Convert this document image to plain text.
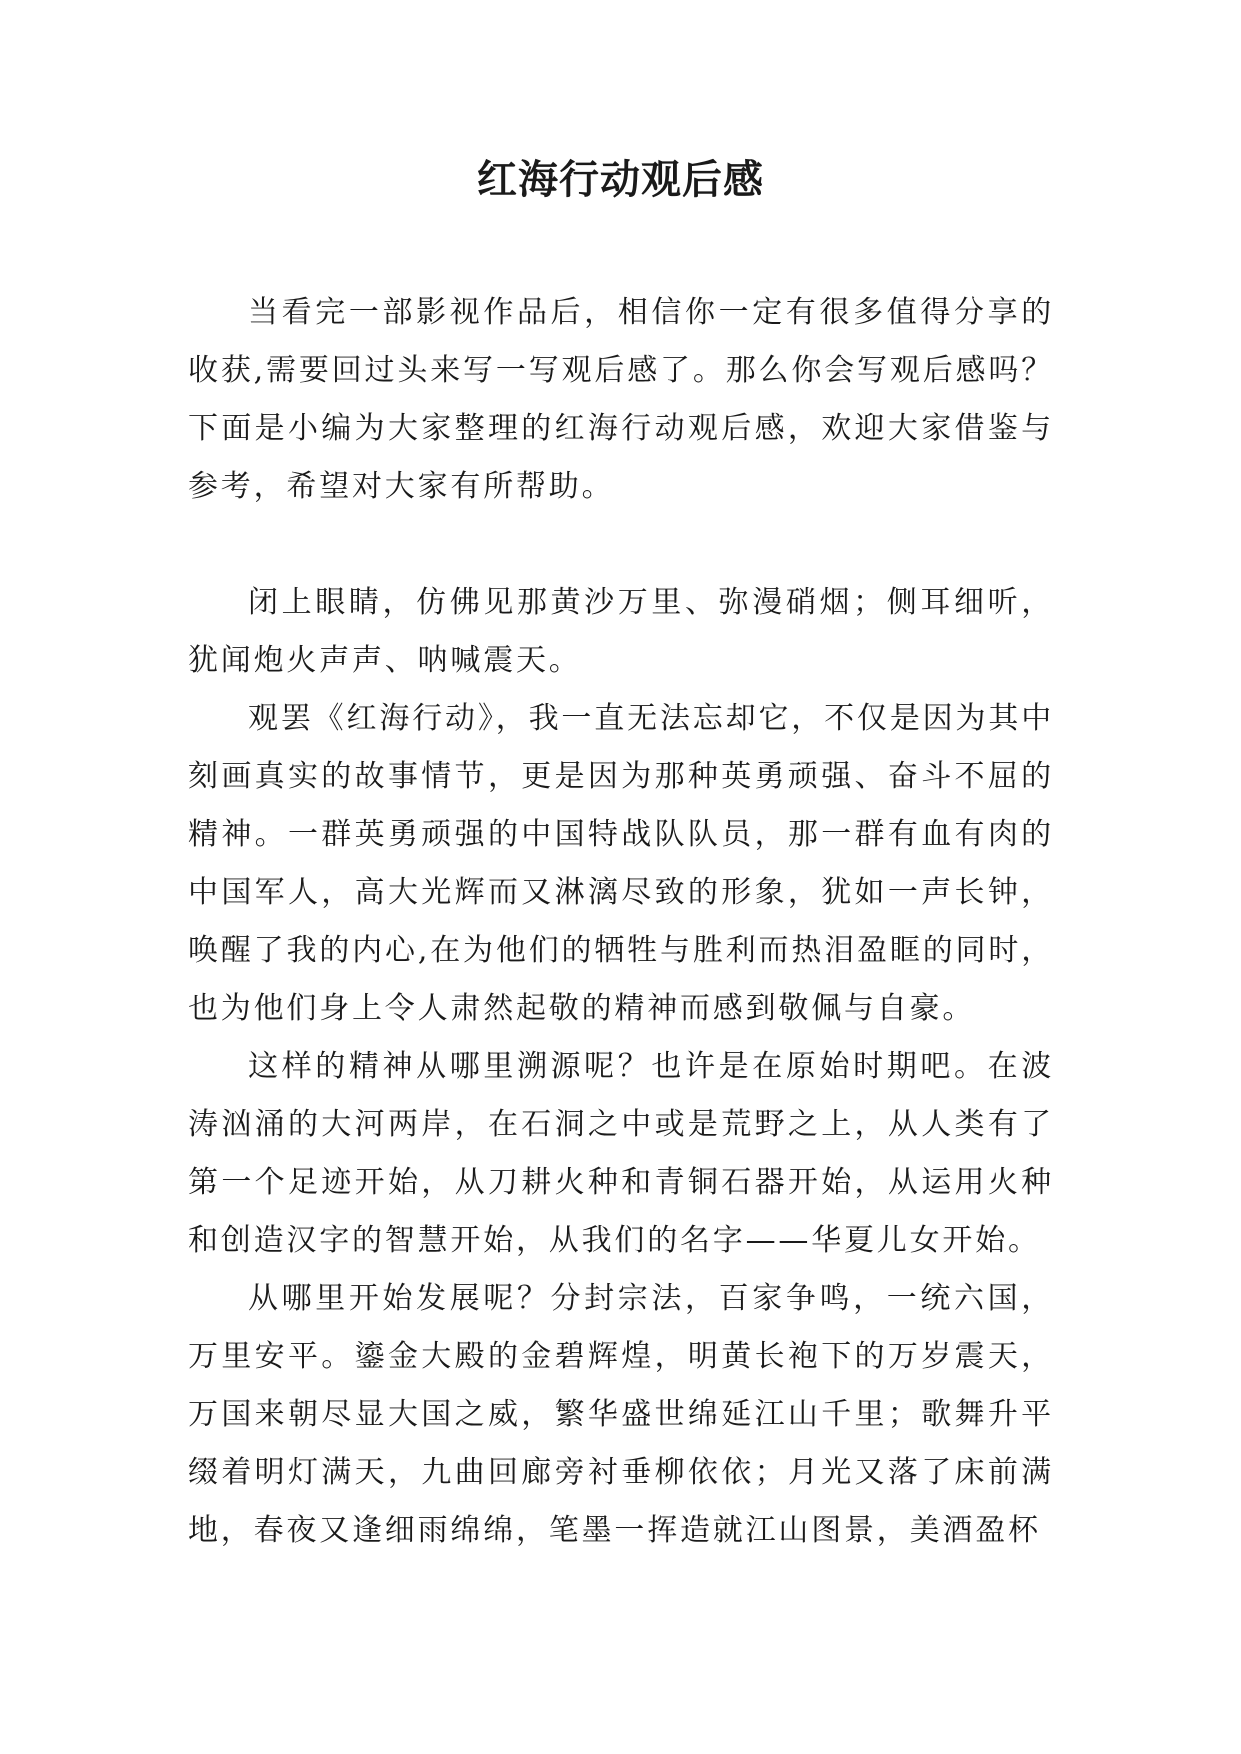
红海行动观后感

当看完一部影视作品后，相信你一定有很多值得分享的收获,需要回过头来写一写观后感了。那么你会写观后感吗？下面是小编为大家整理的红海行动观后感，欢迎大家借鉴与参考，希望对大家有所帮助。

闭上眼睛，仿佛见那黄沙万里、弥漫硝烟；侧耳细听，犹闻炮火声声、呐喊震天。

观罢《红海行动》，我一直无法忘却它，不仅是因为其中刻画真实的故事情节，更是因为那种英勇顽强、奋斗不屈的精神。一群英勇顽强的中国特战队队员，那一群有血有肉的中国军人，高大光辉而又淋漓尽致的形象，犹如一声长钟，唤醒了我的内心,在为他们的牺牲与胜利而热泪盈眶的同时，也为他们身上令人肃然起敬的精神而感到敬佩与自豪。

这样的精神从哪里溯源呢？也许是在原始时期吧。在波涛汹涌的大河两岸，在石洞之中或是荒野之上，从人类有了第一个足迹开始，从刀耕火种和青铜石器开始，从运用火种和创造汉字的智慧开始，从我们的名字——华夏儿女开始。

从哪里开始发展呢？分封宗法，百家争鸣，一统六国，万里安平。鎏金大殿的金碧辉煌，明黄长袍下的万岁震天，万国来朝尽显大国之威，繁华盛世绵延江山千里；歌舞升平缀着明灯满天，九曲回廊旁衬垂柳依依；月光又落了床前满地，春夜又逢细雨绵绵，笔墨一挥造就江山图景，美酒盈杯
